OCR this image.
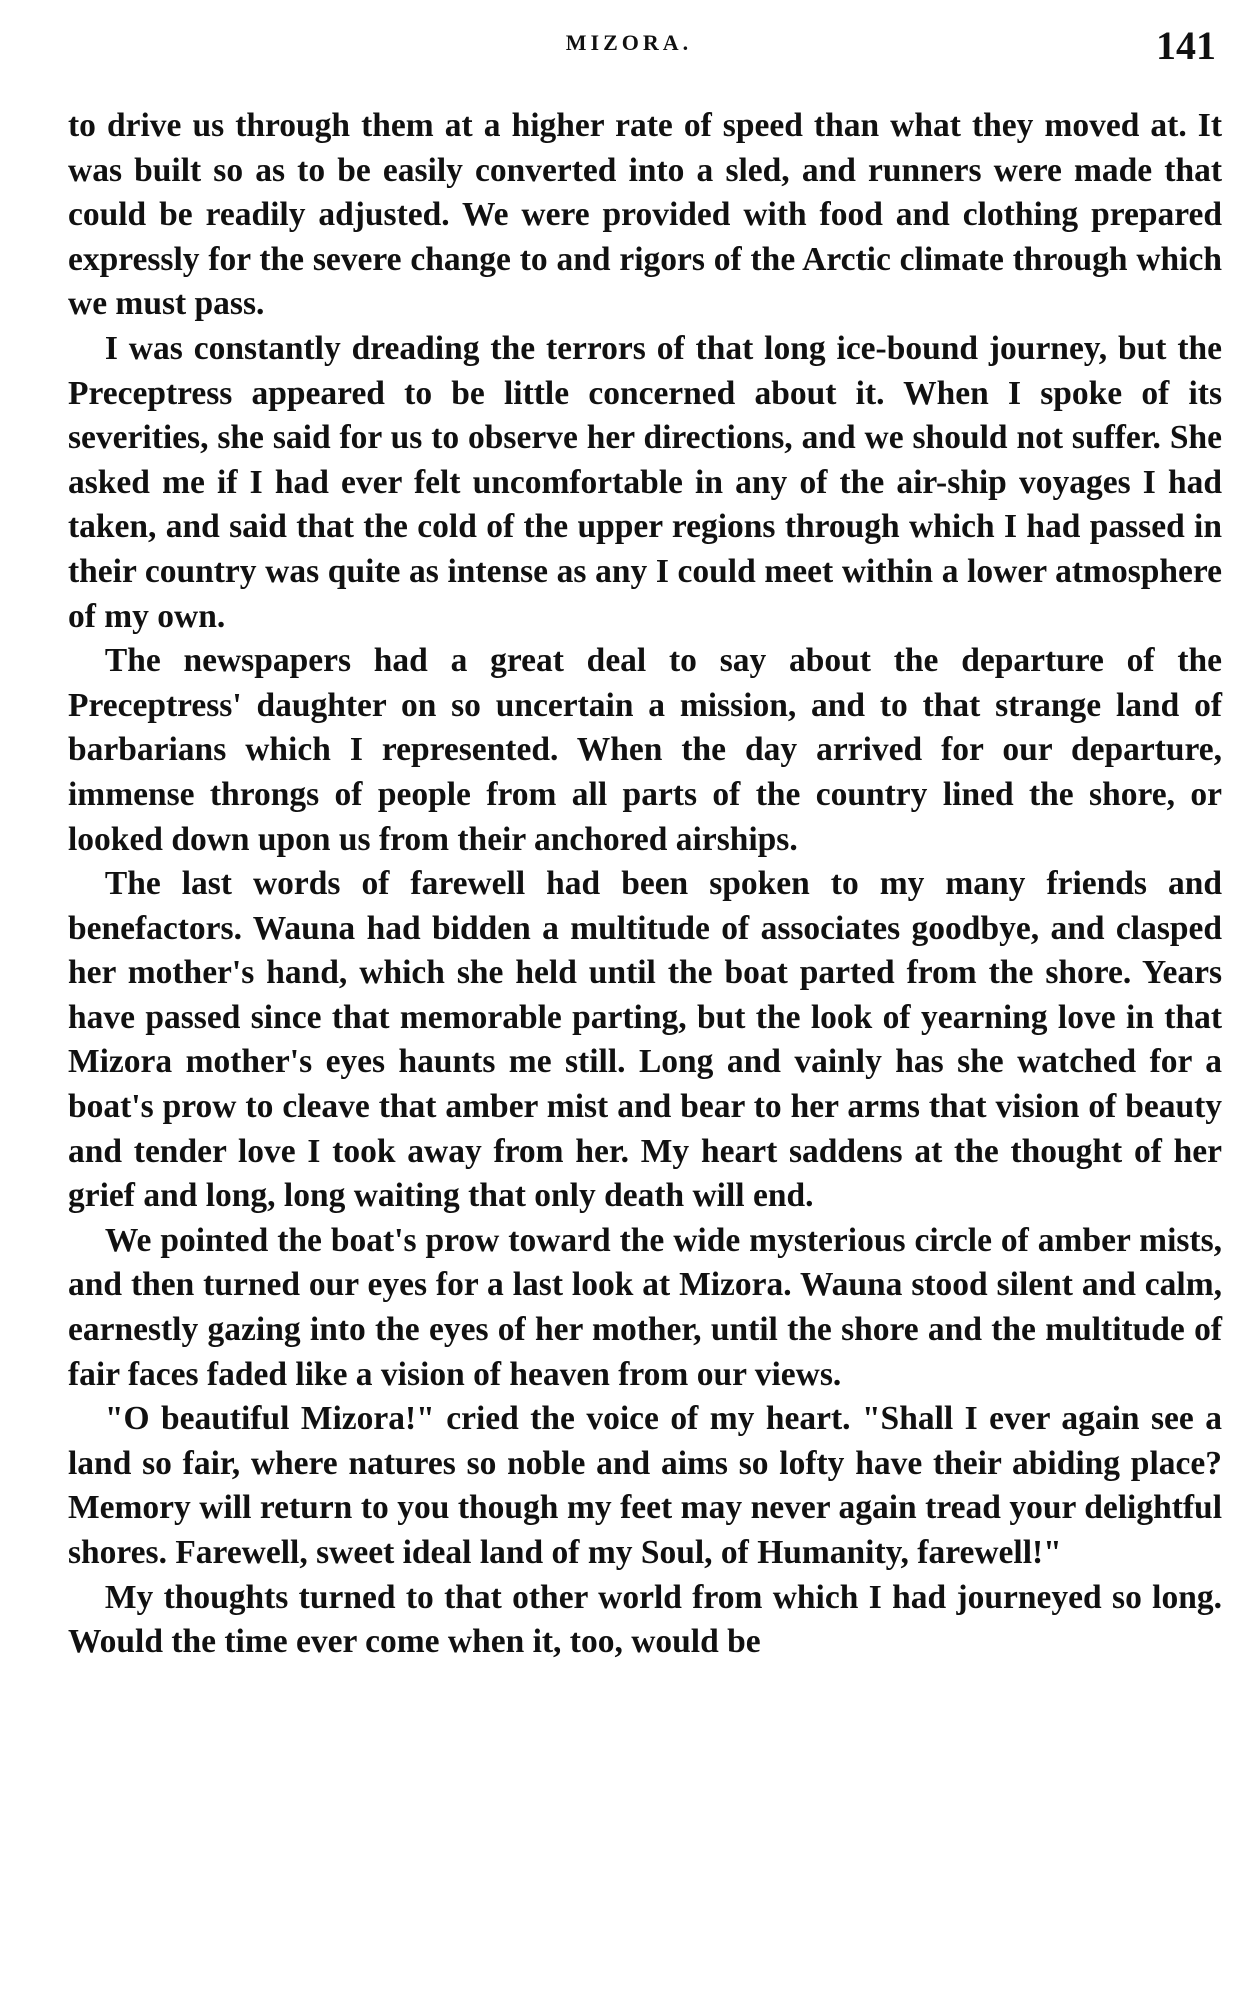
MIZORA.	141

to drive us through them at a higher rate of speed than what they moved at. It was built so as to be easily converted into a sled, and runners were made that could be readily adjusted. We were provided with food and clothing prepared expressly for the severe change to and rigors of the Arctic climate through which we must pass.

I was constantly dreading the terrors of that long ice-bound journey, but the Preceptress appeared to be little concerned about it. When I spoke of its severities, she said for us to observe her directions, and we should not suffer. She asked me if I had ever felt uncomfortable in any of the air-ship voyages I had taken, and said that the cold of the upper regions through which I had passed in their country was quite as intense as any I could meet within a lower atmosphere of my own.

The newspapers had a great deal to say about the departure of the Preceptress' daughter on so uncertain a mission, and to that strange land of barbarians which I represented. When the day arrived for our departure, immense throngs of people from all parts of the country lined the shore, or looked down upon us from their anchored airships.

The last words of farewell had been spoken to my many friends and benefactors. Wauna had bidden a multitude of associates goodbye, and clasped her mother's hand, which she held until the boat parted from the shore. Years have passed since that memorable parting, but the look of yearning love in that Mizora mother's eyes haunts me still. Long and vainly has she watched for a boat's prow to cleave that amber mist and bear to her arms that vision of beauty and tender love I took away from her. My heart saddens at the thought of her grief and long, long waiting that only death will end.

We pointed the boat's prow toward the wide mysterious circle of amber mists, and then turned our eyes for a last look at Mizora. Wauna stood silent and calm, earnestly gazing into the eyes of her mother, until the shore and the multitude of fair faces faded like a vision of heaven from our views.

"O beautiful Mizora!" cried the voice of my heart. "Shall I ever again see a land so fair, where natures so noble and aims so lofty have their abiding place? Memory will return to you though my feet may never again tread your delightful shores. Farewell, sweet ideal land of my Soul, of Humanity, farewell!"

My thoughts turned to that other world from which I had journeyed so long. Would the time ever come when it, too, would be
